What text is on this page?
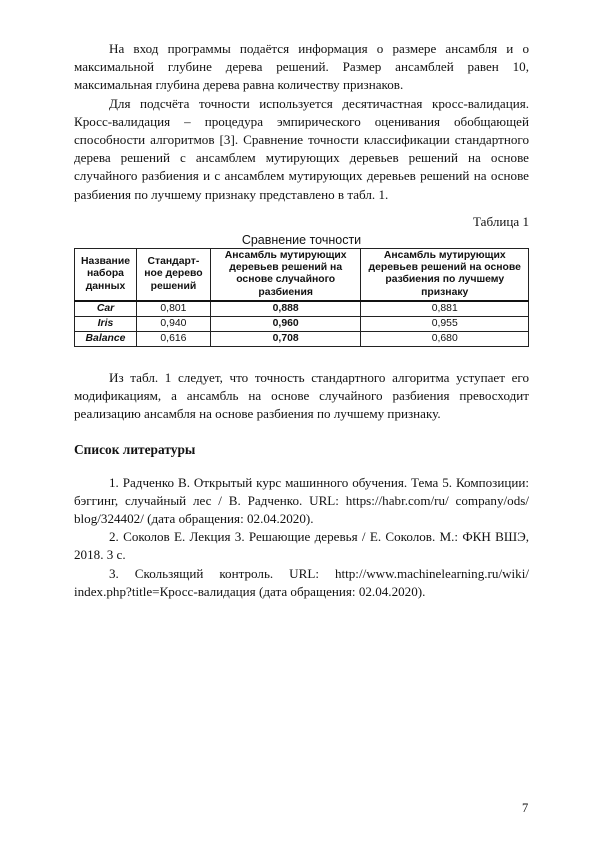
На вход программы подаётся информация о размере ансамбля и о максимальной глубине дерева решений. Размер ансамблей равен 10, максимальная глубина дерева равна количеству признаков.

Для подсчёта точности используется десятичастная кросс-валидация. Кросс-валидация – процедура эмпирического оценивания обобщающей способности алгоритмов [3]. Сравнение точности классификации стандартного дерева решений с ансамблем мутирующих деревьев решений на основе случайного разбиения и с ансамблем мутирующих деревьев решений на основе разбиения по лучшему признаку представлено в табл. 1.

Таблица 1
Сравнение точности
Название набора данных	Стандарт-ное дерево решений	Ансамбль мутирующих деревьев решений на основе случайного разбиения	Ансамбль мутирующих деревьев решений на основе разбиения по лучшему признаку
Car	0,801	0,888	0,881
Iris	0,940	0,960	0,955
Balance	0,616	0,708	0,680

Из табл. 1 следует, что точность стандартного алгоритма уступает его модификациям, а ансамбль на основе случайного разбиения превосходит реализацию ансамбля на основе разбиения по лучшему признаку.

Список литературы

1. Радченко В. Открытый курс машинного обучения. Тема 5. Композиции: бэггинг, случайный лес / В. Радченко. URL: https://habr.com/ru/ company/ods/ blog/324402/ (дата обращения: 02.04.2020).

2. Соколов Е. Лекция 3. Решающие деревья / Е. Соколов. М.: ФКН ВШЭ, 2018. 3 с.

3. Скользящий контроль. URL: http://www.machinelearning.ru/wiki/ index.php?title=Кросс-валидация (дата обращения: 02.04.2020).

7
